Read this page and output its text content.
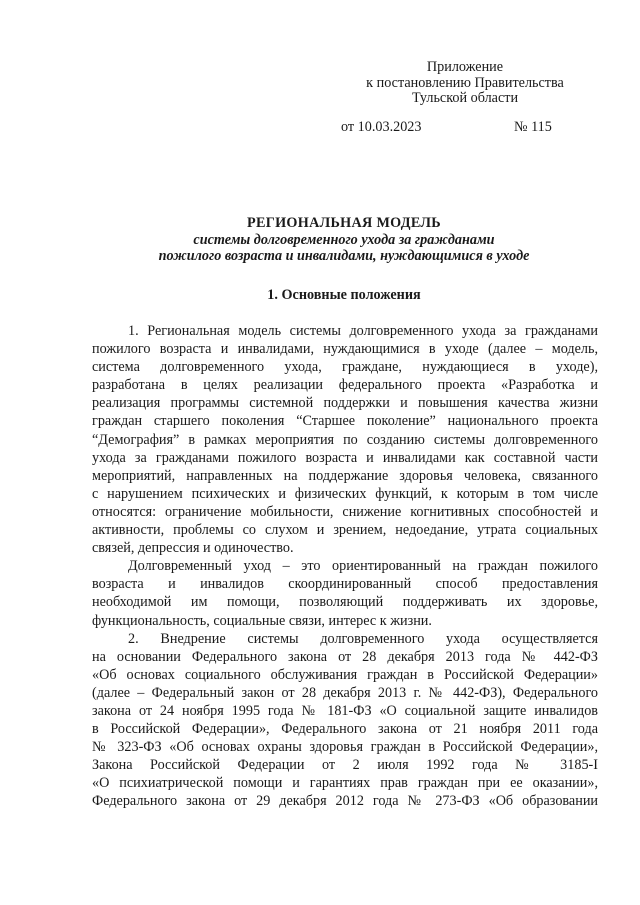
Приложение
к постановлению Правительства
Тульской области
от 10.03.2023	№ 115
РЕГИОНАЛЬНАЯ МОДЕЛЬ
системы долговременного ухода за гражданами
пожилого возраста и инвалидами, нуждающимися в уходе
1. Основные положения
1. Региональная модель системы долговременного ухода за гражданами
пожилого возраста и инвалидами, нуждающимися в уходе (далее – модель,
система долговременного ухода, граждане, нуждающиеся в уходе),
разработана в целях реализации федерального проекта «Разработка и
реализация программы системной поддержки и повышения качества жизни
граждан старшего поколения “Старшее поколение” национального проекта
“Демография” в рамках мероприятия по созданию системы долговременного
ухода за гражданами пожилого возраста и инвалидами как составной части
мероприятий, направленных на поддержание здоровья человека, связанного
с нарушением психических и физических функций, к которым в том числе
относятся: ограничение мобильности, снижение когнитивных способностей и
активности, проблемы со слухом и зрением, недоедание, утрата социальных
связей, депрессия и одиночество.
Долговременный уход – это ориентированный на граждан пожилого
возраста и инвалидов скоординированный способ предоставления
необходимой им помощи, позволяющий поддерживать их здоровье,
функциональность, социальные связи, интерес к жизни.
2. Внедрение системы долговременного ухода осуществляется
на основании Федерального закона от 28 декабря 2013 года № 442-ФЗ
«Об основах социального обслуживания граждан в Российской Федерации»
(далее – Федеральный закон от 28 декабря 2013 г. № 442-ФЗ), Федерального
закона от 24 ноября 1995 года № 181-ФЗ «О социальной защите инвалидов
в Российской Федерации», Федерального закона от 21 ноября 2011 года
№ 323-ФЗ «Об основах охраны здоровья граждан в Российской Федерации»,
Закона Российской Федерации от 2 июля 1992 года № 3185-I
«О психиатрической помощи и гарантиях прав граждан при ее оказании»,
Федерального закона от 29 декабря 2012 года № 273-ФЗ «Об образовании
